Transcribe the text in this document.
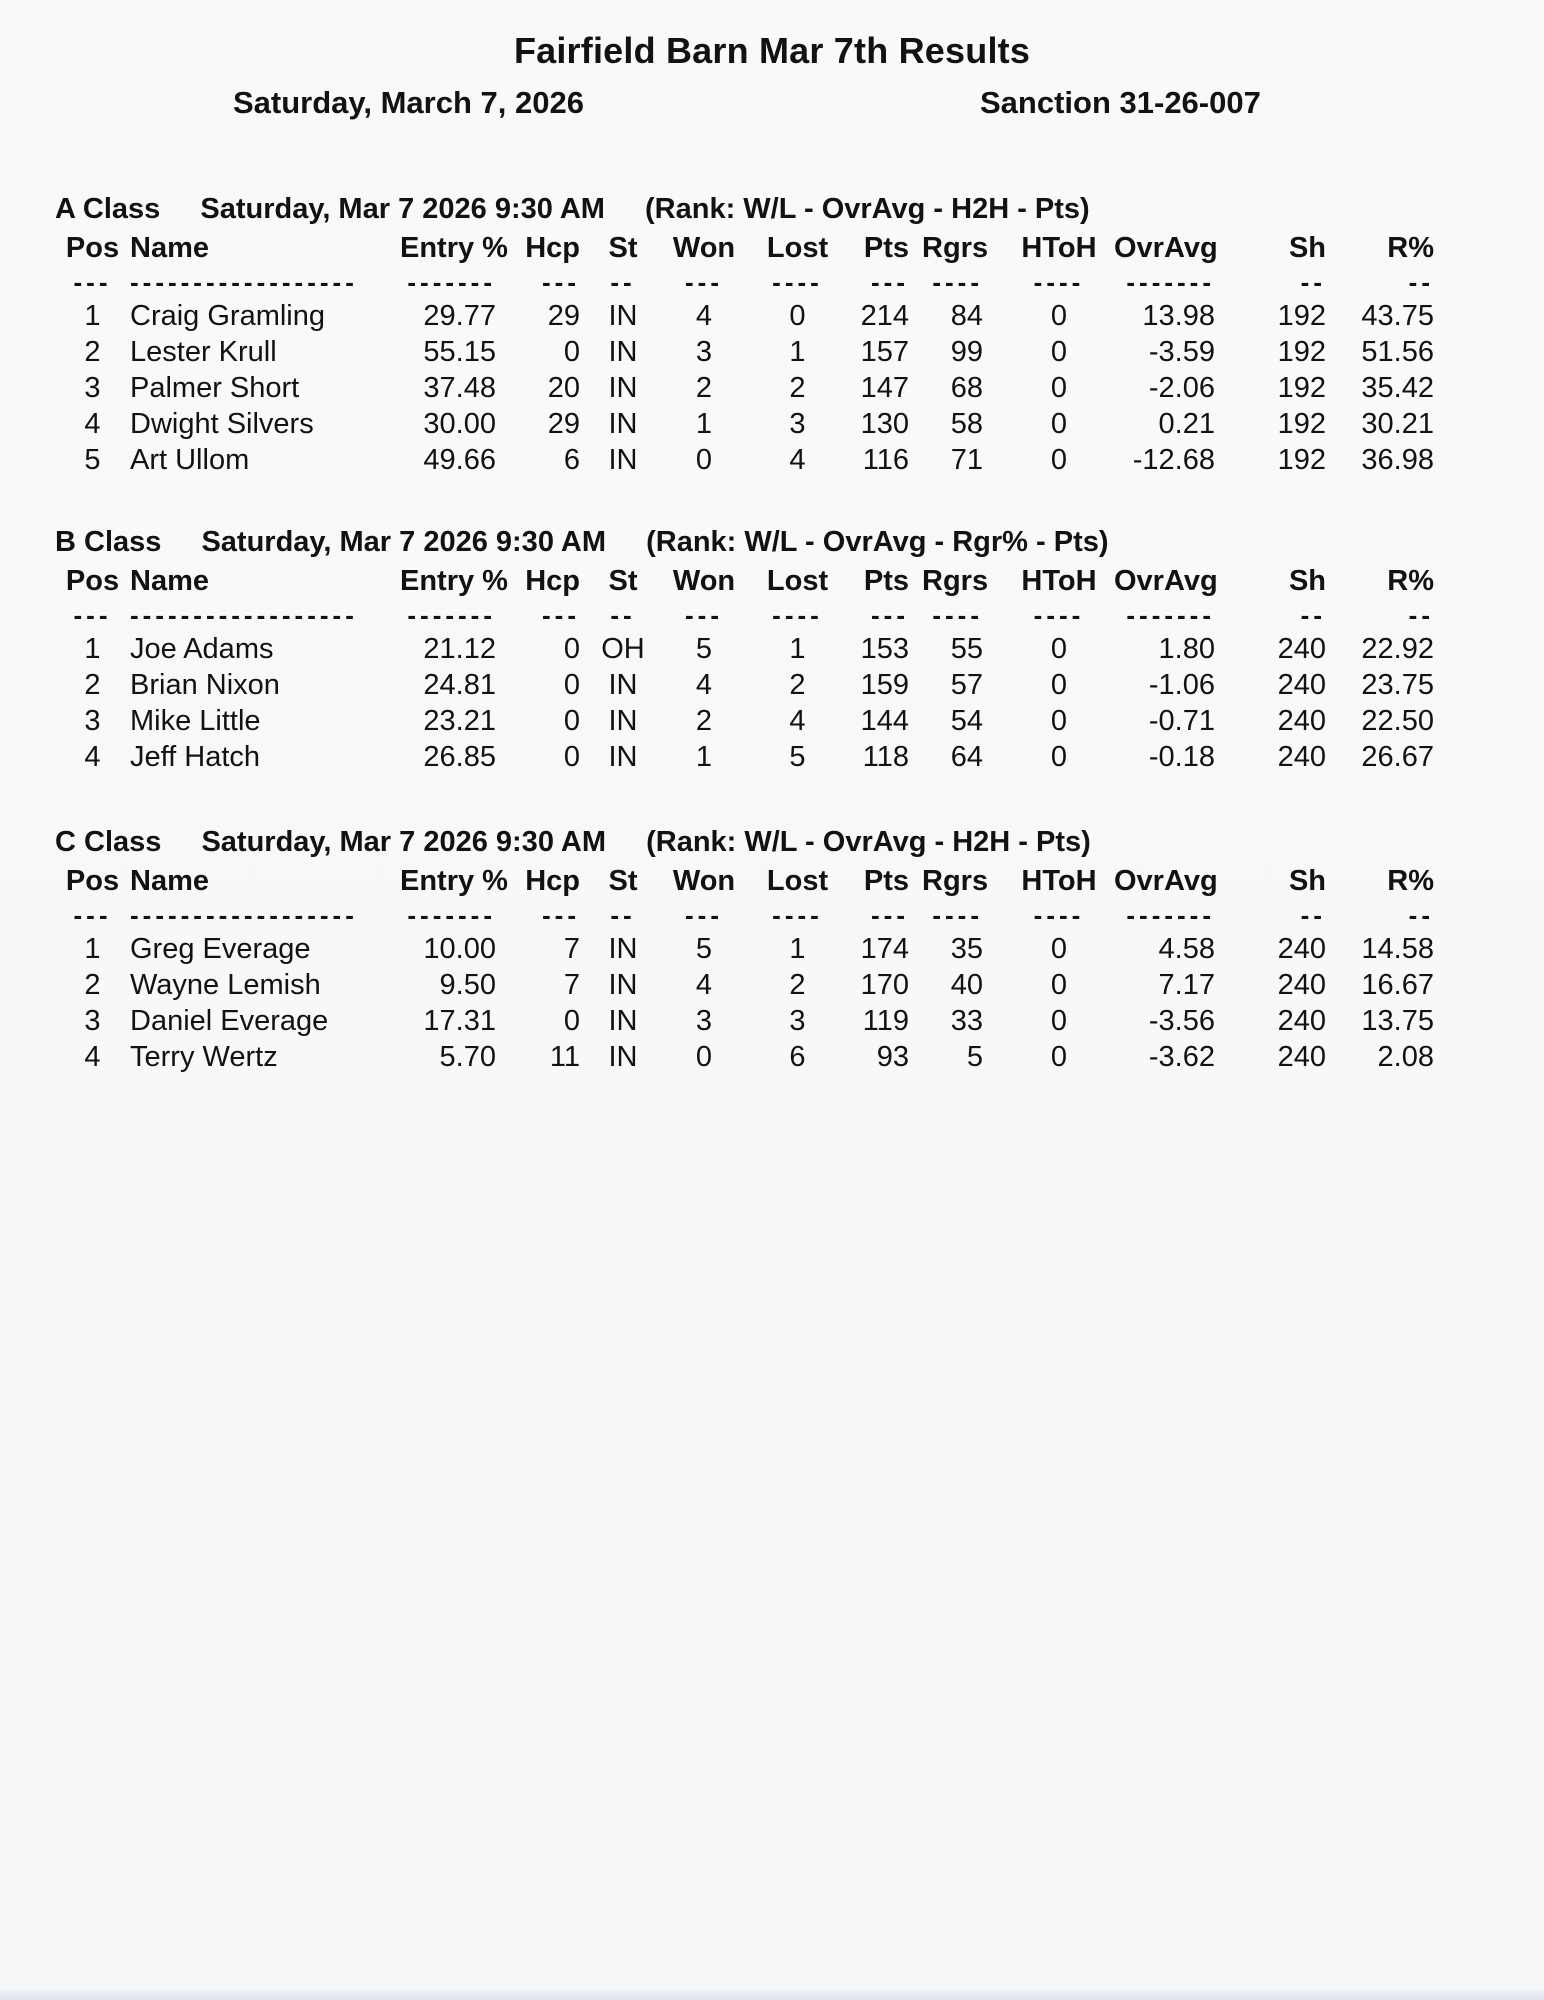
Fairfield Barn Mar 7th Results
Saturday, March 7, 2026	Sanction 31-26-007
A Class Saturday, Mar 7 2026 9:30 AM (Rank: W/L - OvrAvg - H2H - Pts)
Pos	Name	Entry %	Hcp	St	Won	Lost	Pts	Rgrs	HToH	OvrAvg	Sh	R%
---	------------------	-------	---	--	---	----	---	----	----	-------	--	--
1	Craig Gramling	29.77	29	IN	4	0	214	84	0	13.98	192	43.75
2	Lester Krull	55.15	0	IN	3	1	157	99	0	-3.59	192	51.56
3	Palmer Short	37.48	20	IN	2	2	147	68	0	-2.06	192	35.42
4	Dwight Silvers	30.00	29	IN	1	3	130	58	0	0.21	192	30.21
5	Art Ullom	49.66	6	IN	0	4	116	71	0	-12.68	192	36.98
B Class Saturday, Mar 7 2026 9:30 AM (Rank: W/L - OvrAvg - Rgr% - Pts)
Pos	Name	Entry %	Hcp	St	Won	Lost	Pts	Rgrs	HToH	OvrAvg	Sh	R%
---	------------------	-------	---	--	---	----	---	----	----	-------	--	--
1	Joe Adams	21.12	0	OH	5	1	153	55	0	1.80	240	22.92
2	Brian Nixon	24.81	0	IN	4	2	159	57	0	-1.06	240	23.75
3	Mike Little	23.21	0	IN	2	4	144	54	0	-0.71	240	22.50
4	Jeff Hatch	26.85	0	IN	1	5	118	64	0	-0.18	240	26.67
C Class Saturday, Mar 7 2026 9:30 AM (Rank: W/L - OvrAvg - H2H - Pts)
Pos	Name	Entry %	Hcp	St	Won	Lost	Pts	Rgrs	HToH	OvrAvg	Sh	R%
---	------------------	-------	---	--	---	----	---	----	----	-------	--	--
1	Greg Everage	10.00	7	IN	5	1	174	35	0	4.58	240	14.58
2	Wayne Lemish	9.50	7	IN	4	2	170	40	0	7.17	240	16.67
3	Daniel Everage	17.31	0	IN	3	3	119	33	0	-3.56	240	13.75
4	Terry Wertz	5.70	11	IN	0	6	93	5	0	-3.62	240	2.08
